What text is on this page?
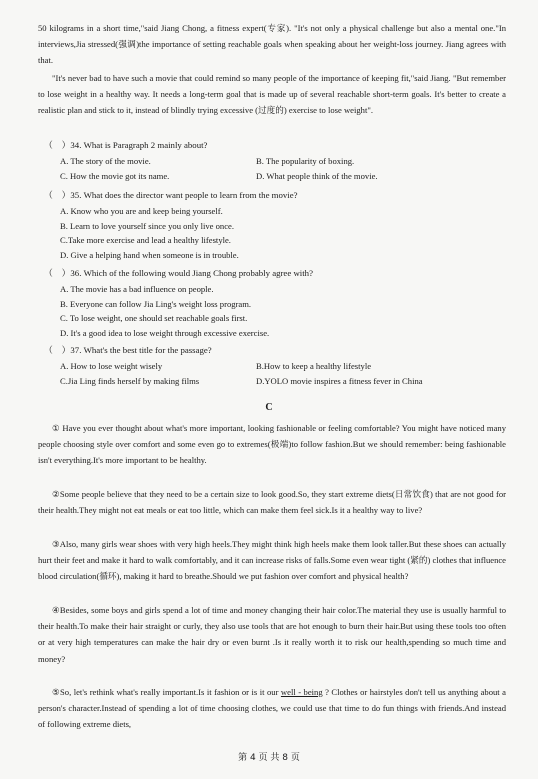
50 kilograms in a short time,"said Jiang Chong, a fitness expert(专家). "It's not only a physical challenge but also a mental one."In interviews,Jia stressed(强调)the importance of setting reachable goals when speaking about her weight-loss journey. Jiang agrees with that.
"It's never bad to have such a movie that could remind so many people of the importance of keeping fit,"said Jiang. "But remember to lose weight in a healthy way. It needs a long-term goal that is made up of several reachable short-term goals. It's better to create a realistic plan and stick to it, instead of blindly trying excessive (过度的) exercise to lose weight".
（　）34. What is Paragraph 2 mainly about?
A. The story of the movie.	B. The popularity of boxing.
C. How the movie got its name.	D. What people think of the movie.
（　）35. What does the director want people to learn from the movie?
A. Know who you are and keep being yourself.
B. Learn to love yourself since you only live once.
C.Take more exercise and lead a healthy lifestyle.
D. Give a helping hand when someone is in trouble.
（　）36. Which of the following would Jiang Chong probably agree with?
A. The movie has a bad influence on people.
B. Everyone can follow Jia Ling's weight loss program.
C. To lose weight, one should set reachable goals first.
D. It's a good idea to lose weight through excessive exercise.
（　）37. What's the best title for the passage?
A. How to lose weight wisely	B.How to keep a healthy lifestyle
C.Jia Ling finds herself by making films	D.YOLO movie inspires a fitness fever in China
C
① Have you ever thought about what's more important, looking fashionable or feeling comfortable? You might have noticed many people choosing style over comfort and some even go to extremes(极端)to follow fashion.But we should remember: being fashionable isn't everything.It's more important to be healthy.
②Some people believe that they need to be a certain size to look good.So, they start extreme diets(日常饮食) that are not good for their health.They might not eat meals or eat too little, which can make them feel sick.Is it a healthy way to live?
③Also, many girls wear shoes with very high heels.They might think high heels make them look taller.But these shoes can actually hurt their feet and make it hard to walk comfortably, and it can increase risks of falls.Some even wear tight (紧的) clothes that influence blood circulation(循环), making it hard to breathe.Should we put fashion over comfort and physical health?
④Besides, some boys and girls spend a lot of time and money changing their hair color.The material they use is usually harmful to their health.To make their hair straight or curly, they also use tools that are hot enough to burn their hair.But using these tools too often or at very high temperatures can make the hair dry or even burnt .Is it really worth it to risk our health,spending so much time and money?
⑤So, let's rethink what's really important.Is it fashion or is it our well - being ? Clothes or hairstyles don't tell us anything about a person's character.Instead of spending a lot of time choosing clothes, we could use that time to do fun things with friends.And instead of following extreme diets,
第 4 页 共 8 页
